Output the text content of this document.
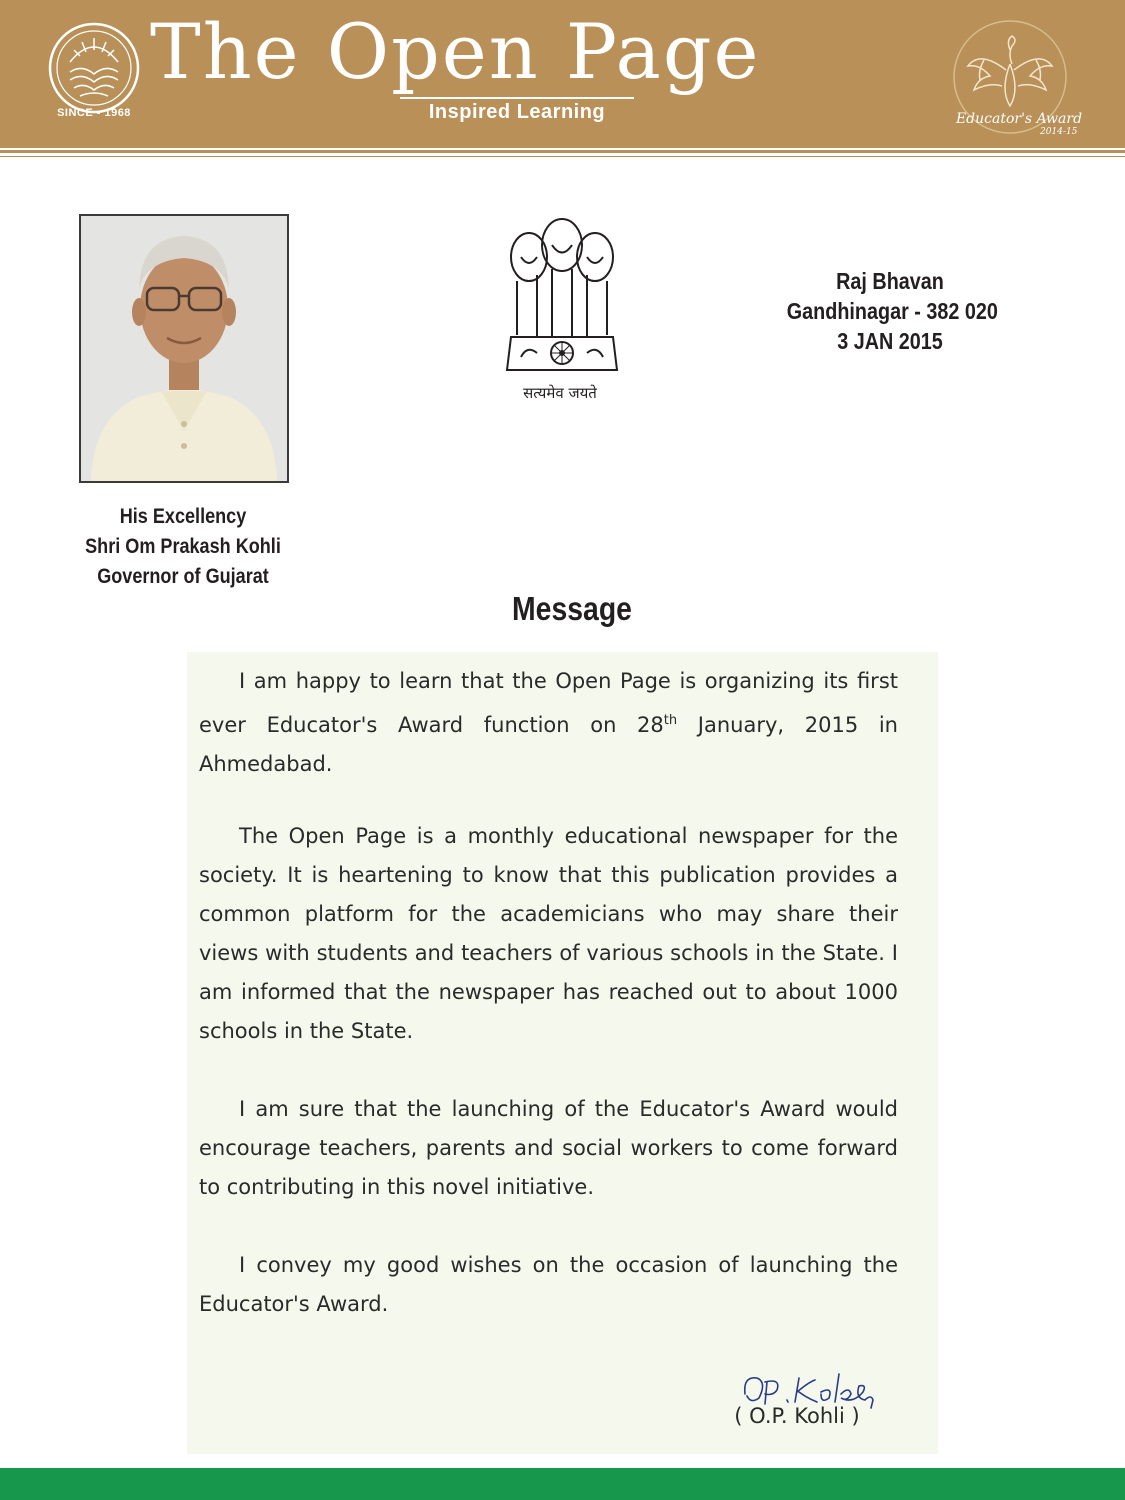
SINCE - 1968
The Open Page
Inspired Learning	Educator's Award
2014-15
His Excellency
Shri Om Prakash Kohli
Governor of Gujarat
सत्यमेव जयते
Raj Bhavan
Gandhinagar - 382 020
3 JAN 2015
Message
I am happy to learn that the Open Page is organizing its first ever Educator's Award function on 28th January, 2015 in Ahmedabad.
The Open Page is a monthly educational newspaper for the society. It is heartening to know that this publication provides a common platform for the academicians who may share their views with students and teachers of various schools in the State. I am informed that the newspaper has reached out to about 1000 schools in the State.
I am sure that the launching of the Educator's Award would encourage teachers, parents and social workers to come forward to contributing in this novel initiative.
I convey my good wishes on the occasion of launching the Educator's Award.
( O.P. Kohli )
